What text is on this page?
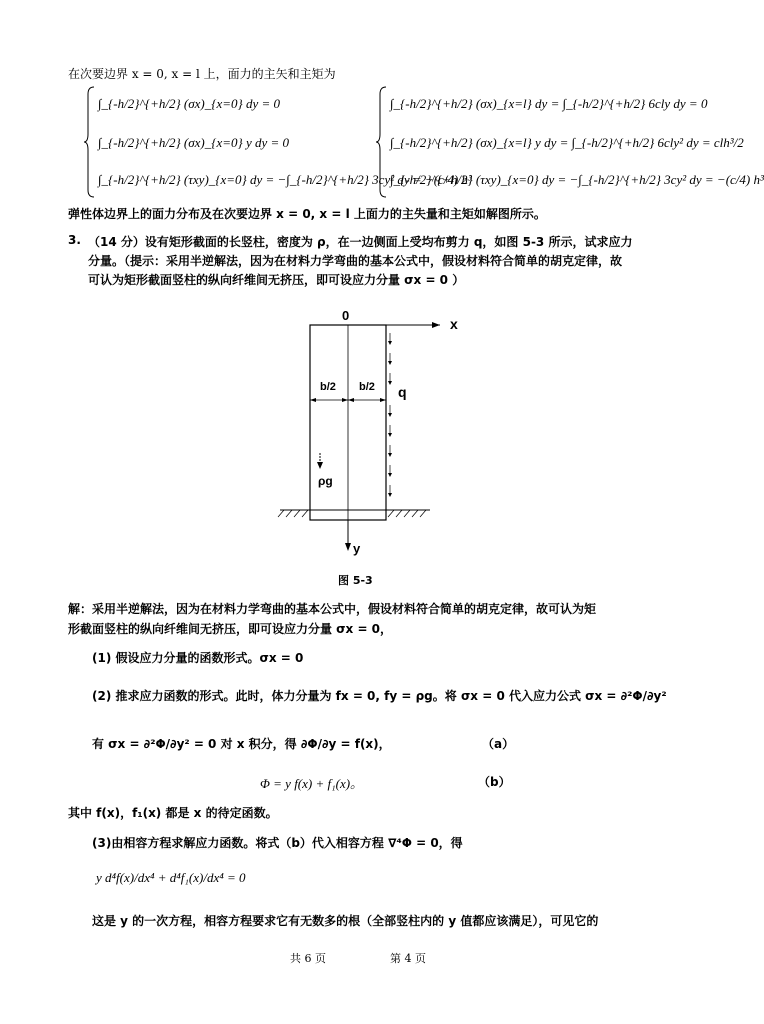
在次要边界 x = 0, x = l 上，面力的主矢和主矩为
∫_{-h/2}^{+h/2} (σx)_{x=0} dy = 0
∫_{-h/2}^{+h/2} (σx)_{x=0} y dy = 0
∫_{-h/2}^{+h/2} (τxy)_{x=0} dy = −∫_{-h/2}^{+h/2} 3cy² dy = −(c/4) h³
∫_{-h/2}^{+h/2} (σx)_{x=l} dy = ∫_{-h/2}^{+h/2} 6cly dy = 0
∫_{-h/2}^{+h/2} (σx)_{x=l} y dy = ∫_{-h/2}^{+h/2} 6cly² dy = clh³/2
∫_{-h/2}^{+h/2} (τxy)_{x=0} dy = −∫_{-h/2}^{+h/2} 3cy² dy = −(c/4) h³
弹性体边界上的面力分布及在次要边界 x = 0, x = l 上面力的主失量和主矩如解图所示。
3. （14 分）设有矩形截面的长竖柱，密度为 ρ，在一边侧面上受均布剪力 q，如图 5-3 所示，试求应力
分量。（提示：采用半逆解法，因为在材料力学弯曲的基本公式中，假设材料符合简单的胡克定律，故
可认为矩形截面竖柱的纵向纤维间无挤压，即可设应力分量 σx = 0 ）
0
x
y
b/2 b/2 q
ρg
图 5-3
解：采用半逆解法，因为在材料力学弯曲的基本公式中，假设材料符合简单的胡克定律，故可认为矩
形截面竖柱的纵向纤维间无挤压，即可设应力分量 σx = 0，
(1) 假设应力分量的函数形式。σx = 0
(2) 推求应力函数的形式。此时，体力分量为 fx = 0, fy = ρg。将 σx = 0 代入应力公式 σx = ∂²Φ/∂y²
有 σx = ∂²Φ/∂y² = 0 对 x 积分，得 ∂Φ/∂y = f(x)，	（a）
Φ = y f(x) + f₁(x)。	（b）
其中 f(x)，f₁(x) 都是 x 的待定函数。
(3)由相容方程求解应力函数。将式（b）代入相容方程 ∇⁴Φ = 0，得
y d⁴f(x)/dx⁴ + d⁴f₁(x)/dx⁴ = 0
这是 y 的一次方程，相容方程要求它有无数多的根（全部竖柱内的 y 值都应该满足），可见它的
共 6 页	第 4 页
